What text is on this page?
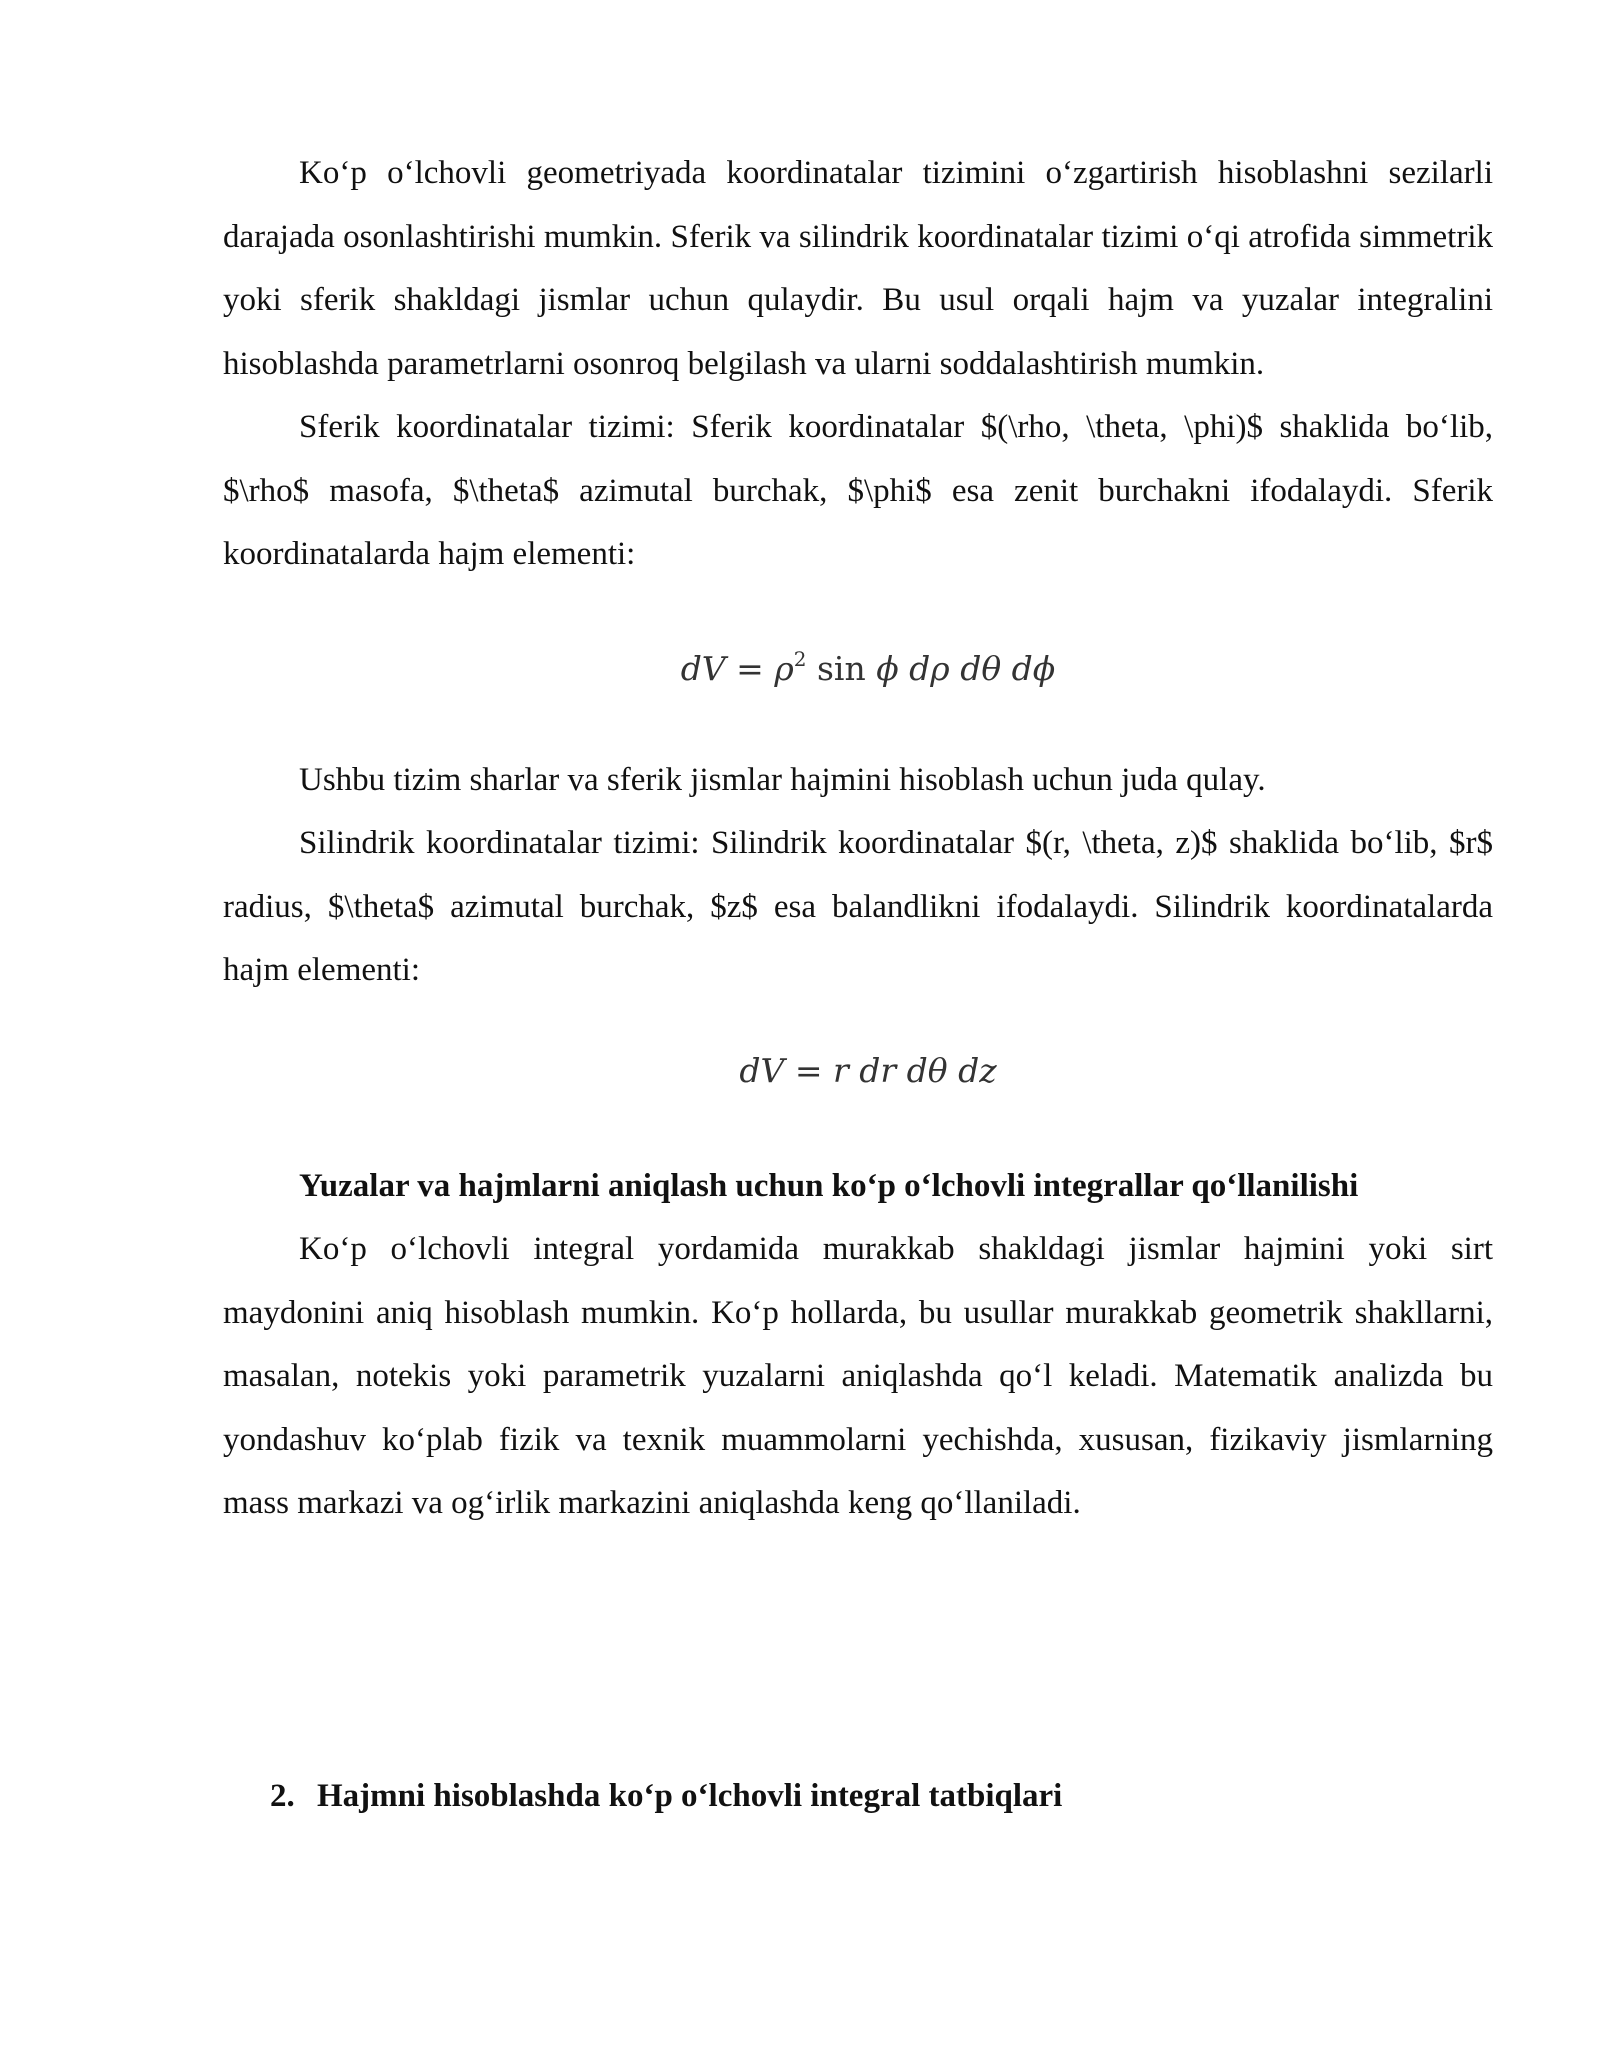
Ko‘p o‘lchovli geometriyada koordinatalar tizimini o‘zgartirish hisoblashni sezilarli darajada osonlashtirishi mumkin. Sferik va silindrik koordinatalar tizimi o‘qi atrofida simmetrik yoki sferik shakldagi jismlar uchun qulaydir. Bu usul orqali hajm va yuzalar integralini hisoblashda parametrlarni osonroq belgilash va ularni soddalashtirish mumkin.

Sferik koordinatalar tizimi: Sferik koordinatalar $(\rho, \theta, \phi)$ shaklida bo‘lib, $\rho$ masofa, $\theta$ azimutal burchak, $\phi$ esa zenit burchakni ifodalaydi. Sferik koordinatalarda hajm elementi:

dV = $\rho^2$ sin ϕ dρ dθ dϕ

Ushbu tizim sharlar va sferik jismlar hajmini hisoblash uchun juda qulay.

Silindrik koordinatalar tizimi: Silindrik koordinatalar $(r, \theta, z)$ shaklida bo‘lib, $r$ radius, $\theta$ azimutal burchak, $z$ esa balandlikni ifodalaydi. Silindrik koordinatalarda hajm elementi:

dV = r dr dθ dz

Yuzalar va hajmlarni aniqlash uchun ko‘p o‘lchovli integrallar qo‘llanilishi

Ko‘p o‘lchovli integral yordamida murakkab shakldagi jismlar hajmini yoki sirt maydonini aniq hisoblash mumkin. Ko‘p hollarda, bu usullar murakkab geometrik shakllarni, masalan, notekis yoki parametrik yuzalarni aniqlashda qo‘l keladi. Matematik analizda bu yondashuv ko‘plab fizik va texnik muammolarni yechishda, xususan, fizikaviy jismlarning mass markazi va og‘irlik markazini aniqlashda keng qo‘llaniladi.

2. Hajmni hisoblashda ko‘p o‘lchovli integral tatbiqlari
